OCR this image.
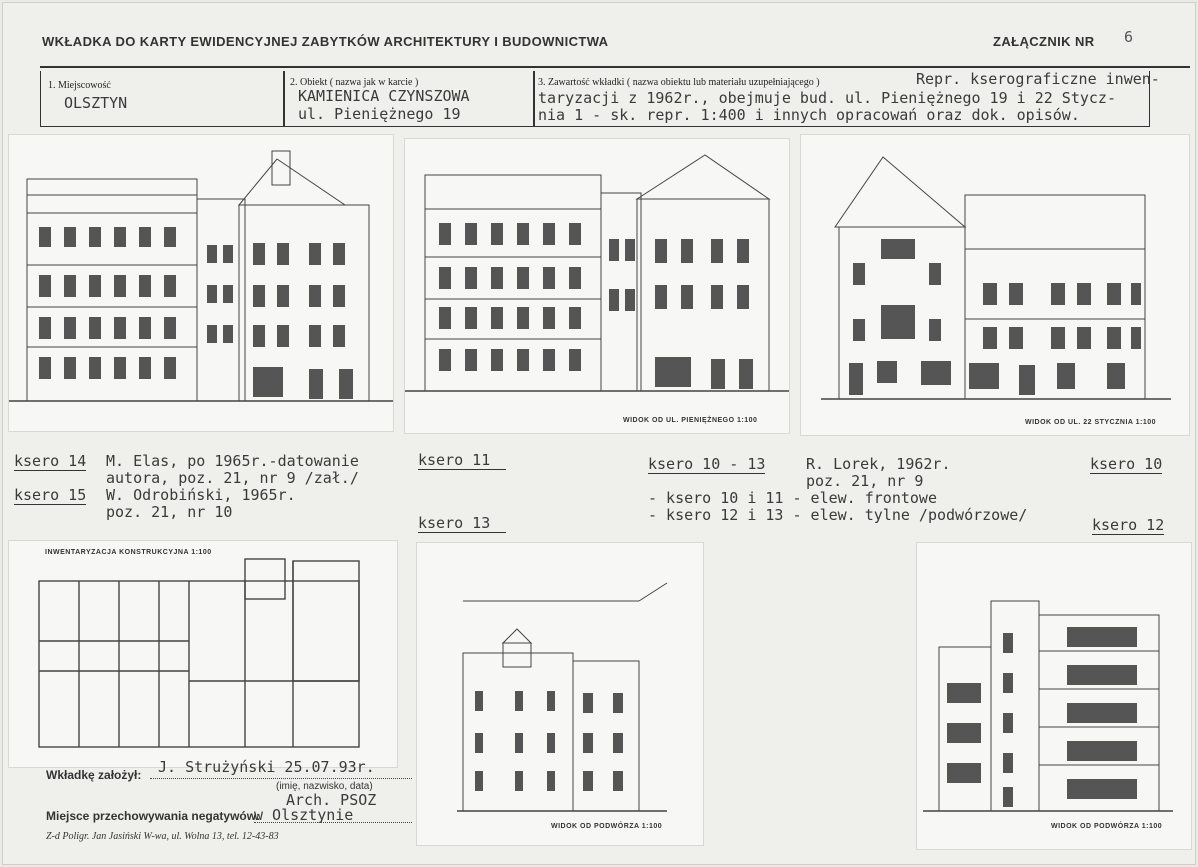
WKŁADKA DO KARTY EWIDENCYJNEJ ZABYTKÓW ARCHITEKTURY I BUDOWNICTWA	ZAŁĄCZNIK NR 6
1. Miejscowość
OLSZTYN
2. Obiekt ( nazwa jak w karcie )
KAMIENICA CZYNSZOWA
ul. Pieniężnego 19
3. Zawartość wkładki ( nazwa obiektu lub materiału uzupełniającego )	Repr. kserograficzne inwen-
taryzacji z 1962r., obejmuje bud. ul. Pieniężnego 19 i 22 Stycz-
nia 1 - sk. repr. 1:400 i innych opracowań oraz dok. opisów.
WIDOK OD UL. PIENIĘŻNEGO 1:100	WIDOK OD UL. 22 STYCZNIA 1:100
ksero 14 M. Elas, po 1965r.-datowanie
autora, poz. 21, nr 9 /zał./
ksero 15 W. Odrobiński, 1965r.
poz. 21, nr 10
ksero 11
ksero 13
ksero 10 - 13	R. Lorek, 1962r.
poz. 21, nr 9
- ksero 10 i 11 - elew. frontowe
- ksero 12 i 13 - elew. tylne /podwórzowe/
ksero 10
ksero 12
INWENTARYZACJA KONSTRUKCYJNA 1:100
WIDOK OD PODWÓRZA 1:100	WIDOK OD PODWÓRZA 1:100
Wkładkę założył: J. Strużyński 25.07.93r.
(imię, nazwisko, data)
Arch. PSOZ
Miejsce przechowywania negatywów:
w Olsztynie
Z-d Poligr. Jan Jasiński W-wa, ul. Wolna 13, tel. 12-43-83
